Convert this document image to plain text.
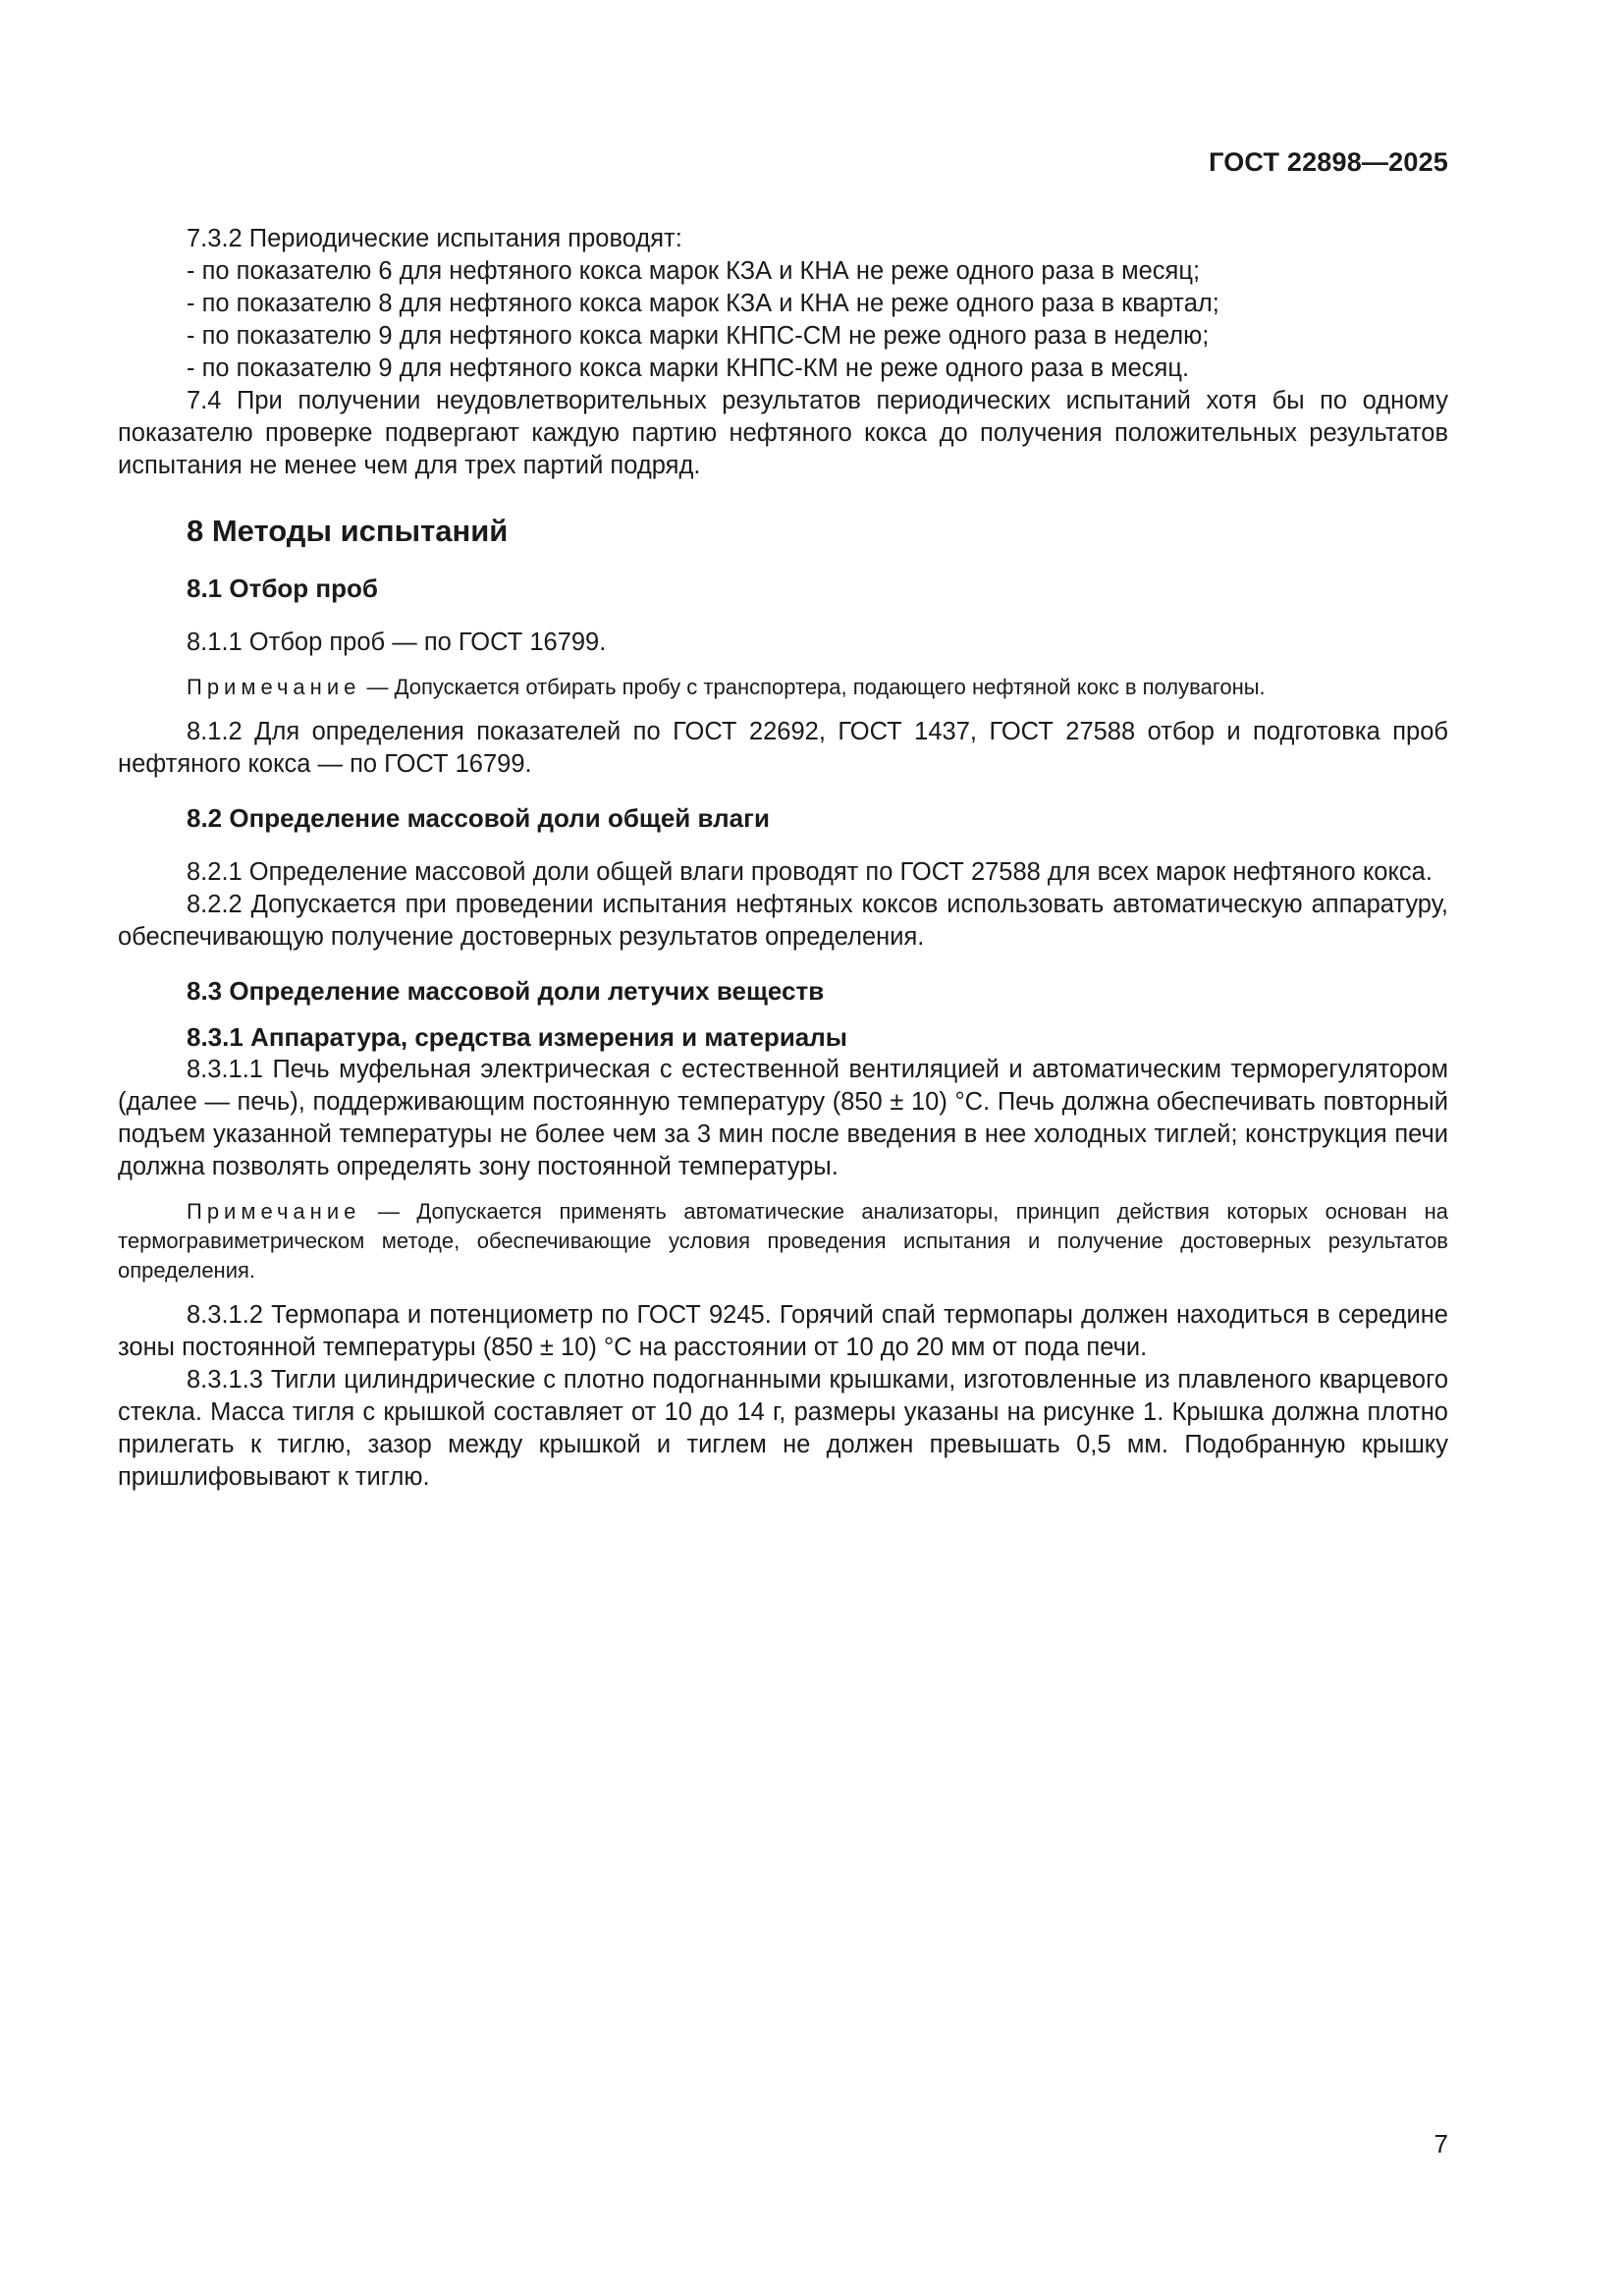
ГОСТ 22898—2025

7.3.2 Периодические испытания проводят:

- по показателю 6 для нефтяного кокса марок КЗА и КНА не реже одного раза в месяц;

- по показателю 8 для нефтяного кокса марок КЗА и КНА не реже одного раза в квартал;

- по показателю 9 для нефтяного кокса марки КНПС-СМ не реже одного раза в неделю;

- по показателю 9 для нефтяного кокса марки КНПС-КМ не реже одного раза в месяц.

7.4 При получении неудовлетворительных результатов периодических испытаний хотя бы по одному показателю проверке подвергают каждую партию нефтяного кокса до получения положительных результатов испытания не менее чем для трех партий подряд.

8 Методы испытаний

8.1 Отбор проб

8.1.1 Отбор проб — по ГОСТ 16799.

Примечание — Допускается отбирать пробу с транспортера, подающего нефтяной кокс в полувагоны.

8.1.2 Для определения показателей по ГОСТ 22692, ГОСТ 1437, ГОСТ 27588 отбор и подготовка проб нефтяного кокса — по ГОСТ 16799.

8.2 Определение массовой доли общей влаги

8.2.1 Определение массовой доли общей влаги проводят по ГОСТ 27588 для всех марок нефтяного кокса.

8.2.2 Допускается при проведении испытания нефтяных коксов использовать автоматическую аппаратуру, обеспечивающую получение достоверных результатов определения.

8.3 Определение массовой доли летучих веществ

8.3.1 Аппаратура, средства измерения и материалы

8.3.1.1 Печь муфельная электрическая с естественной вентиляцией и автоматическим терморегулятором (далее — печь), поддерживающим постоянную температуру (850 ± 10) °С. Печь должна обеспечивать повторный подъем указанной температуры не более чем за 3 мин после введения в нее холодных тиглей; конструкция печи должна позволять определять зону постоянной температуры.

Примечание — Допускается применять автоматические анализаторы, принцип действия которых основан на термогравиметрическом методе, обеспечивающие условия проведения испытания и получение достоверных результатов определения.

8.3.1.2 Термопара и потенциометр по ГОСТ 9245. Горячий спай термопары должен находиться в середине зоны постоянной температуры (850 ± 10) °С на расстоянии от 10 до 20 мм от пода печи.

8.3.1.3 Тигли цилиндрические с плотно подогнанными крышками, изготовленные из плавленого кварцевого стекла. Масса тигля с крышкой составляет от 10 до 14 г, размеры указаны на рисунке 1. Крышка должна плотно прилегать к тиглю, зазор между крышкой и тиглем не должен превышать 0,5 мм. Подобранную крышку пришлифовывают к тиглю.

7
